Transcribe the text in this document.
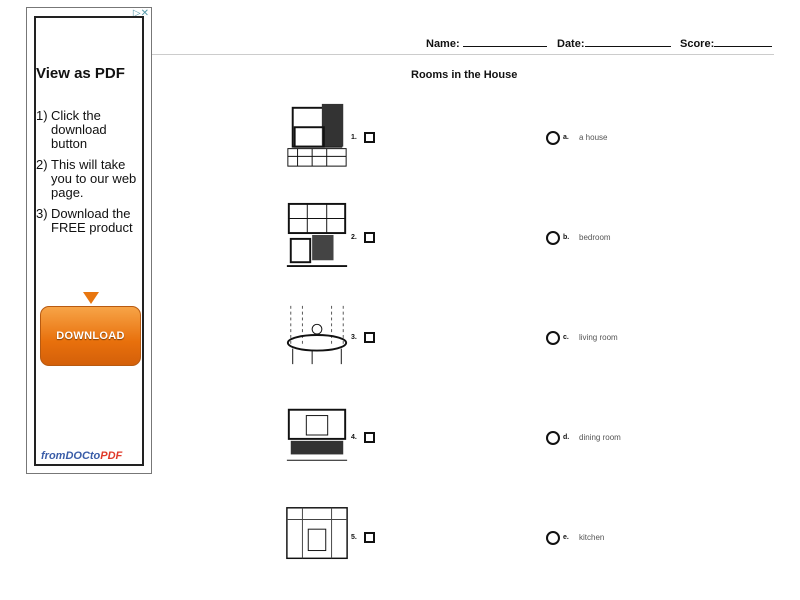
▷✕
View as PDF
1) Click the download button
2) This will take you to our web page.
3) Download the FREE product
DOWNLOAD
fromDOCtoPDF
Name:	Date:	Score:
Rooms in the House
1.	a. a house
2.	b. bedroom
3.	c. living room
4.	d. dining room
5.	e. kitchen
